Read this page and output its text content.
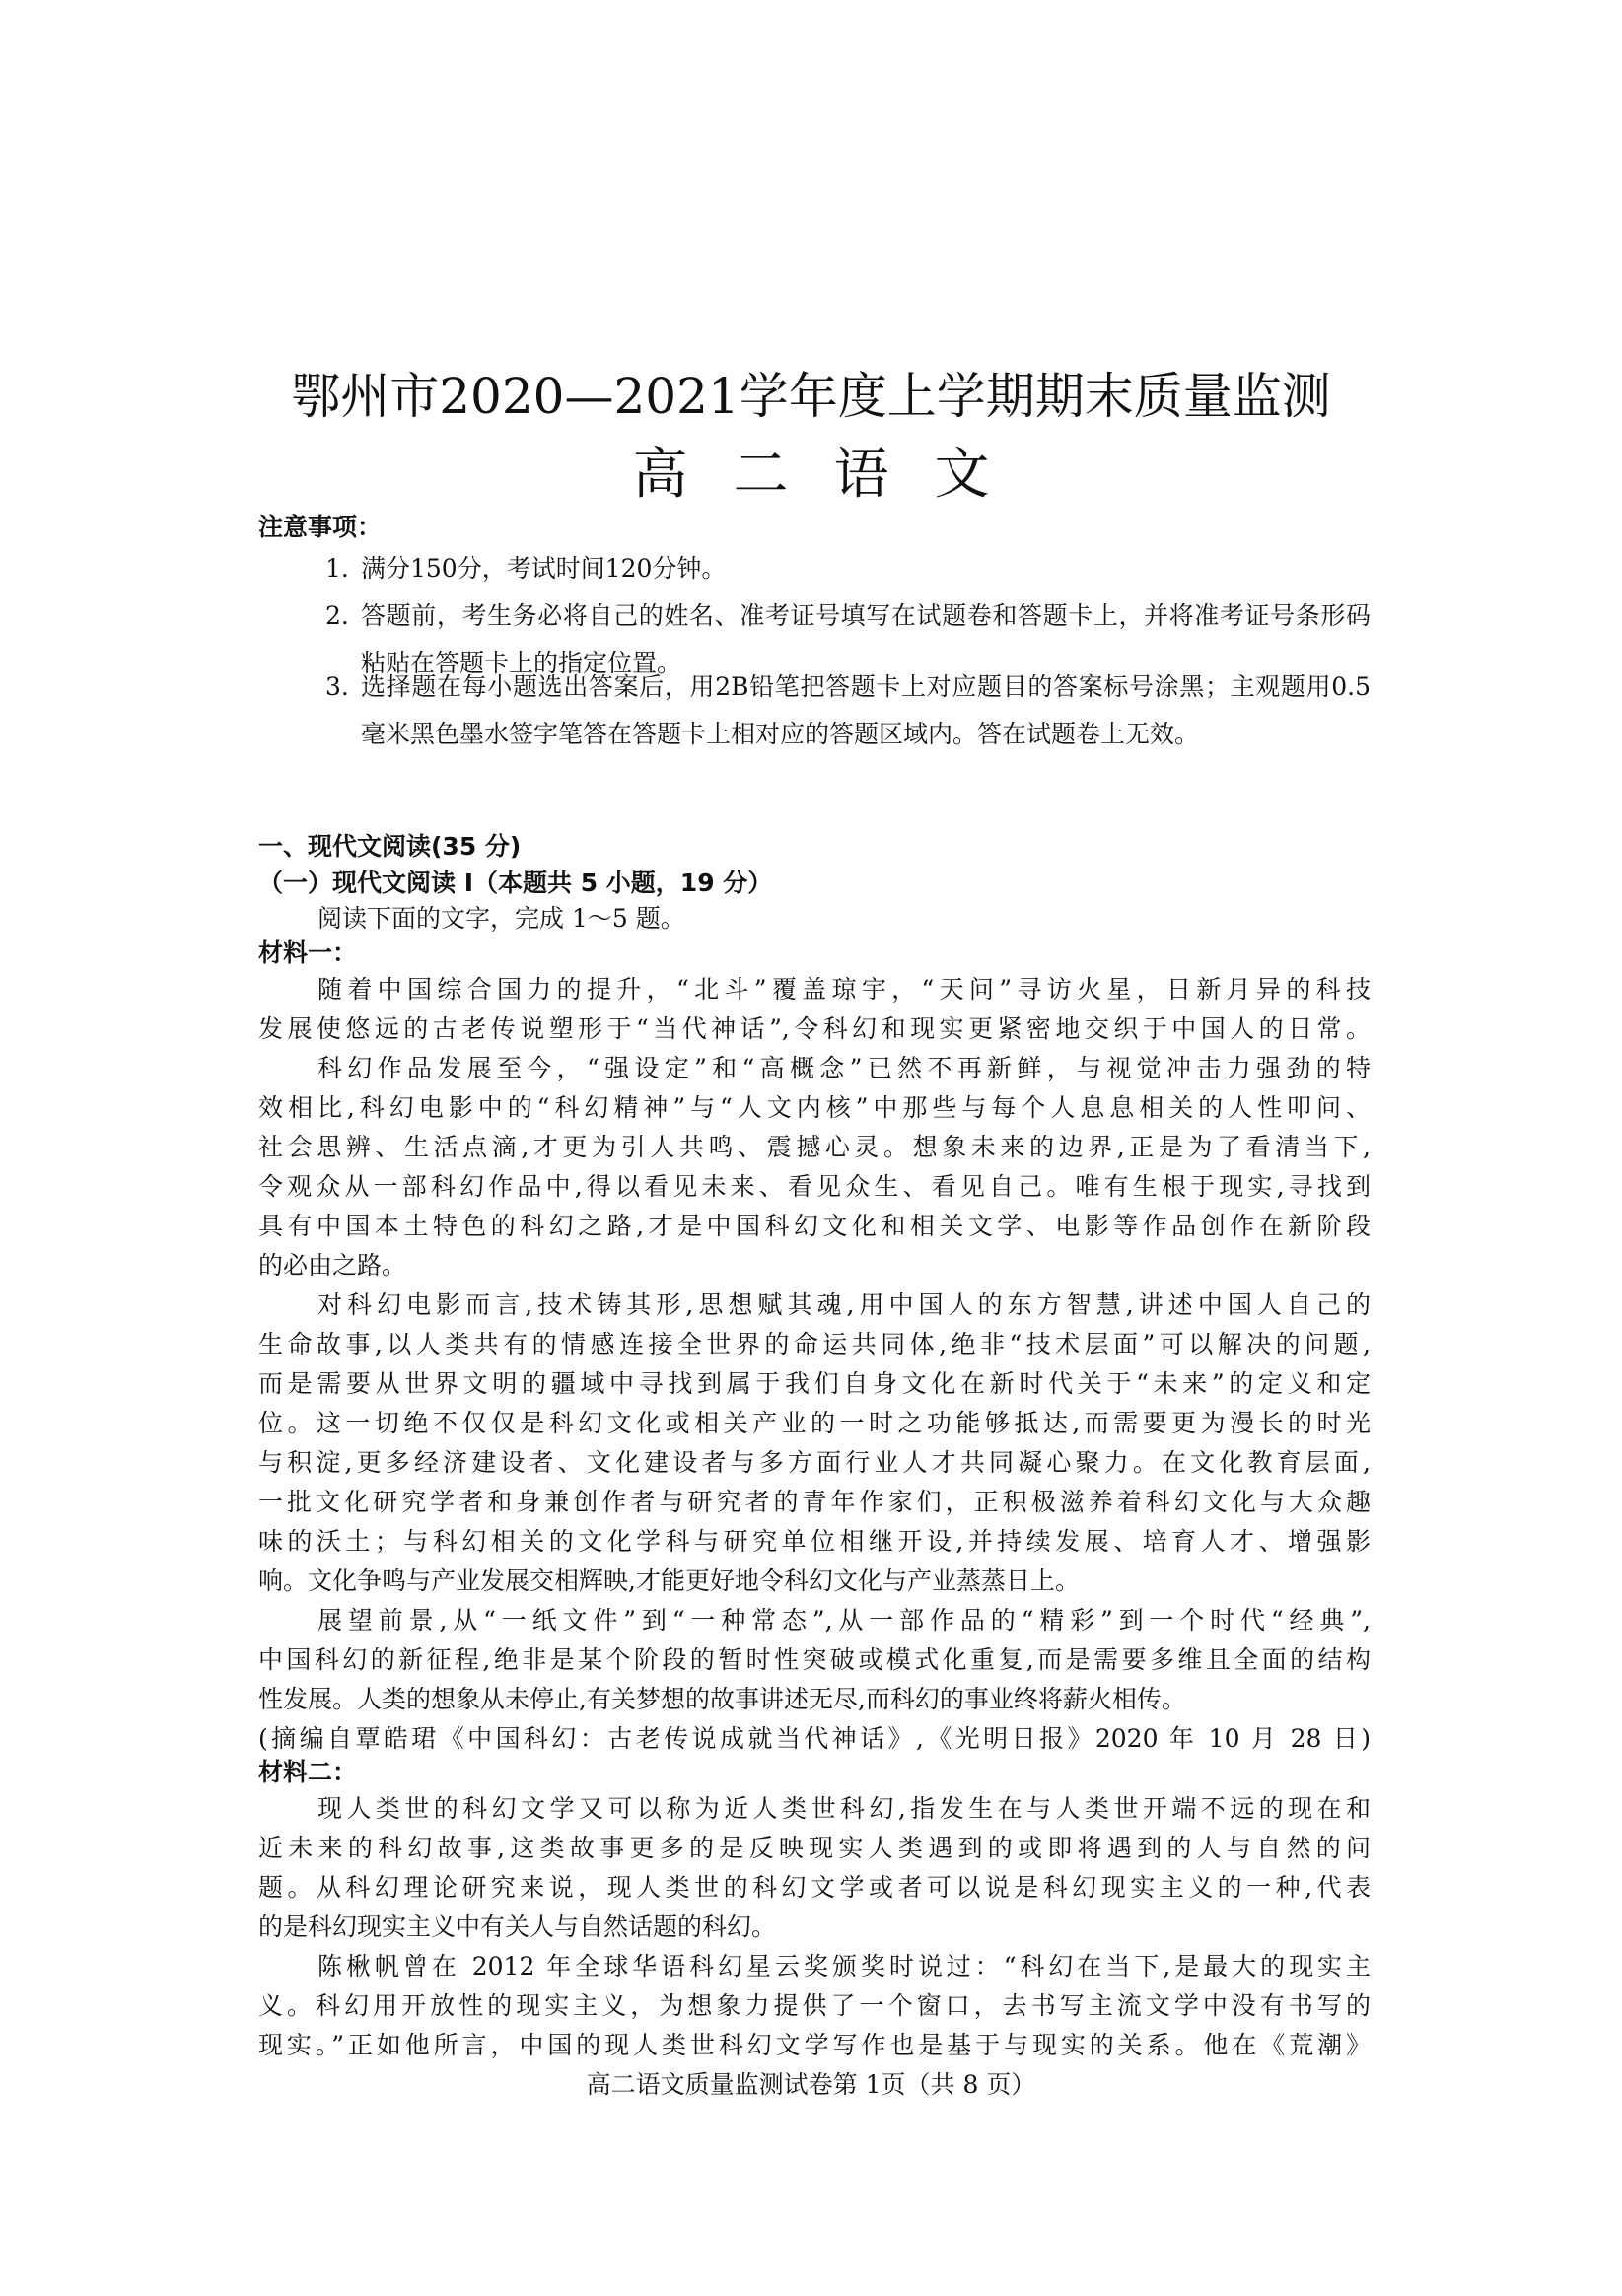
鄂州市2020—2021学年度上学期期末质量监测
高二语文
注意事项：
1. 满分150分，考试时间120分钟。
2. 答题前，考生务必将自己的姓名、准考证号填写在试题卷和答题卡上，并将准考证号条形码粘贴在答题卡上的指定位置。
3. 选择题在每小题选出答案后，用2B铅笔把答题卡上对应题目的答案标号涂黑；主观题用0.5毫米黑色墨水签字笔答在答题卡上相对应的答题区域内。答在试题卷上无效。
一、现代文阅读(35 分)
（一）现代文阅读 I（本题共 5 小题，19 分）
阅读下面的文字，完成 1～5 题。
材料一：
随着中国综合国力的提升，“北斗”覆盖琼宇，“天问”寻访火星，日新月异的科技
发展使悠远的古老传说塑形于“当代神话”,令科幻和现实更紧密地交织于中国人的日常。
科幻作品发展至今，“强设定”和“高概念”已然不再新鲜，与视觉冲击力强劲的特
效相比,科幻电影中的“科幻精神”与“人文内核”中那些与每个人息息相关的人性叩问、
社会思辨、生活点滴,才更为引人共鸣、震撼心灵。想象未来的边界,正是为了看清当下,
令观众从一部科幻作品中,得以看见未来、看见众生、看见自己。唯有生根于现实,寻找到
具有中国本土特色的科幻之路,才是中国科幻文化和相关文学、电影等作品创作在新阶段
的必由之路。
对科幻电影而言,技术铸其形,思想赋其魂,用中国人的东方智慧,讲述中国人自己的
生命故事,以人类共有的情感连接全世界的命运共同体,绝非“技术层面”可以解决的问题,
而是需要从世界文明的疆域中寻找到属于我们自身文化在新时代关于“未来”的定义和定
位。这一切绝不仅仅是科幻文化或相关产业的一时之功能够抵达,而需要更为漫长的时光
与积淀,更多经济建设者、文化建设者与多方面行业人才共同凝心聚力。在文化教育层面,
一批文化研究学者和身兼创作者与研究者的青年作家们，正积极滋养着科幻文化与大众趣
味的沃土；与科幻相关的文化学科与研究单位相继开设,并持续发展、培育人才、增强影
响。文化争鸣与产业发展交相辉映,才能更好地令科幻文化与产业蒸蒸日上。
展望前景,从“一纸文件”到“一种常态”,从一部作品的“精彩”到一个时代“经典”,
中国科幻的新征程,绝非是某个阶段的暂时性突破或模式化重复,而是需要多维且全面的结构
性发展。人类的想象从未停止,有关梦想的故事讲述无尽,而科幻的事业终将薪火相传。
(摘编自覃皓珺《中国科幻：古老传说成就当代神话》,《光明日报》2020 年 10 月 28 日)
材料二：
现人类世的科幻文学又可以称为近人类世科幻,指发生在与人类世开端不远的现在和
近未来的科幻故事,这类故事更多的是反映现实人类遇到的或即将遇到的人与自然的问
题。从科幻理论研究来说，现人类世的科幻文学或者可以说是科幻现实主义的一种,代表
的是科幻现实主义中有关人与自然话题的科幻。
陈楸帆曾在 2012 年全球华语科幻星云奖颁奖时说过：“科幻在当下,是最大的现实主
义。科幻用开放性的现实主义，为想象力提供了一个窗口，去书写主流文学中没有书写的
现实。”正如他所言，中国的现人类世科幻文学写作也是基于与现实的关系。他在《荒潮》
高二语文质量监测试卷第 1页（共 8 页）
